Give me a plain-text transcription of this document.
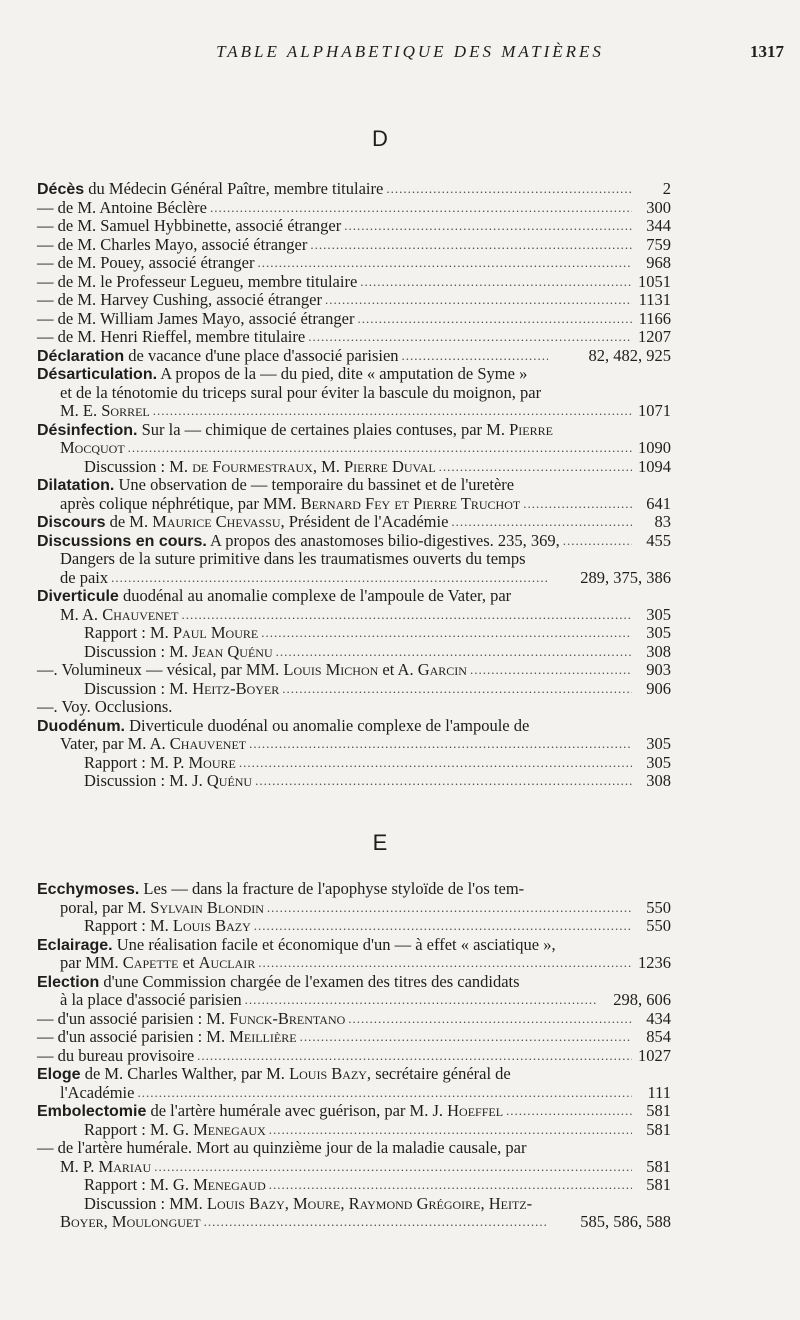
TABLE ALPHABETIQUE DES MATIÈRES	1317
D
Décès du Médecin Général Paître, membre titulaire .....	2
— de M. Antoine Béclère .....	300
— de M. Samuel Hybbinette, associé étranger .....	344
— de M. Charles Mayo, associé étranger .....	759
— de M. Pouey, associé étranger .....	968
— de M. le Professeur Legueu, membre titulaire .....	1051
— de M. Harvey Cushing, associé étranger .....	1131
— de M. William James Mayo, associé étranger .....	1166
— de M. Henri Rieffel, membre titulaire .....	1207
Déclaration de vacance d'une place d'associé parisien .....	82, 482, 925
Désarticulation. A propos de la — du pied, dite « amputation de Syme »
et de la ténotomie du triceps sural pour éviter la bascule du moignon, par
M. E. Sorrel .....	1071
Désinfection. Sur la — chimique de certaines plaies contuses, par M. Pierre
Mocquot .....	1090
Discussion : M. de Fourmestraux, M. Pierre Duval .....	1094
Dilatation. Une observation de — temporaire du bassinet et de l'uretère
après colique néphrétique, par MM. Bernard Fey et Pierre Truchot .....	641
Discours de M. Maurice Chevassu, Président de l'Académie .....	83
Discussions en cours. A propos des anastomoses bilio-digestives. 235, 369, .....	455
Dangers de la suture primitive dans les traumatismes ouverts du temps
de paix .....	289, 375, 386
Diverticule duodénal au anomalie complexe de l'ampoule de Vater, par
M. A. Chauvenet .....	305
Rapport : M. Paul Moure .....	305
Discussion : M. Jean Quénu .....	308
—. Volumineux — vésical, par MM. Louis Michon et A. Garcin .....	903
Discussion : M. Heitz-Boyer .....	906
—. Voy. Occlusions.
Duodénum. Diverticule duodénal ou anomalie complexe de l'ampoule de
Vater, par M. A. Chauvenet .....	305
Rapport : M. P. Moure .....	305
Discussion : M. J. Quénu .....	308
E
Ecchymoses. Les — dans la fracture de l'apophyse styloïde de l'os tem-
poral, par M. Sylvain Blondin .....	550
Rapport : M. Louis Bazy .....	550
Eclairage. Une réalisation facile et économique d'un — à effet « asciatique »,
par MM. Capette et Auclair .....	1236
Election d'une Commission chargée de l'examen des titres des candidats
à la place d'associé parisien .....	298, 606
— d'un associé parisien : M. Funck-Brentano .....	434
— d'un associé parisien : M. Meillière .....	854
— du bureau provisoire .....	1027
Eloge de M. Charles Walther, par M. Louis Bazy, secrétaire général de
l'Académie .....	111
Embolectomie de l'artère humérale avec guérison, par M. J. Hoeffel .....	581
Rapport : M. G. Menegaux .....	581
— de l'artère humérale. Mort au quinzième jour de la maladie causale, par
M. P. Mariau .....	581
Rapport : M. G. Menegaud .....	581
Discussion : MM. Louis Bazy, Moure, Raymond Grégoire, Heitz-
Boyer, Moulonguet .....	585, 586, 588
